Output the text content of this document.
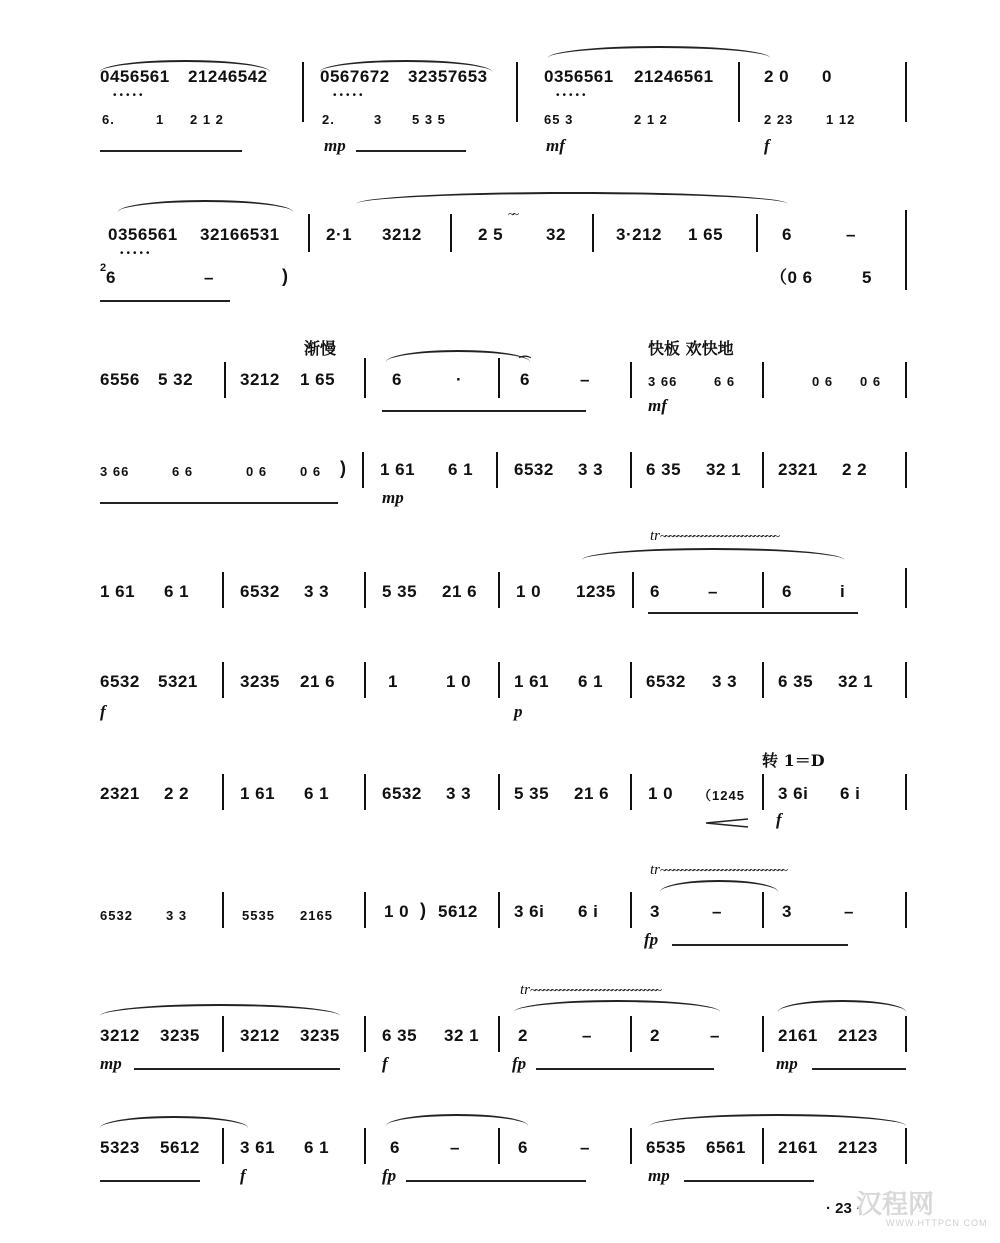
0456561 21246542
•••••
0567672 32357653
•••••
0356561 21246561
•••••
2 0 0
6.	1 2 1 2	2.	3 5 3 5	65 3	2 1 2	2 23	1 12
mp	mf	f
0356561 32166531
•••••
2·1 3212	2 5
~~
32	3·212 1 65	6	–
2
6	–	)	（0 6	5
渐慢	快板 欢快地
6556 5 32	3212 1 65	6	·	6
⌒
–	3 66	6 6	0 6 0 6
mf
3 66	6 6	0 6	0 6 ) 1 61 6 1 6532 3 3	6 35 32 1 2321 2 2
mp
tr~~~~~~~~~~~~~~~~~~~~~~~~~~~~~
1 61 6 1	6532 3 3	5 35 21 6 1 0 1235 6	–	6	i
6532 5321 3235 21 6	1	1 0	1 61 6 1	6532 3 3 6 35 32 1
f	p
转 1＝D
2321 2 2	1 61 6 1	6532 3 3	5 35 21 6 1 0 （1245 3 6i 6 i
f
tr~~~~~~~~~~~~~~~~~~~~~~~~~~~~~~~
6532	3 3	5535 2165	1 0 ) 5612 3 6i 6 i	3	–	3	–
fp
tr~~~~~~~~~~~~~~~~~~~~~~~~~~~~~~~~
3212 3235 3212 3235 6 35 32 1 2	–	2	–	2161 2123
mp	f	fp	mp
5323 5612 3 61 6 1	6	–	6	–	6535 6561 2161 2123
f	fp	mp
· 23 ·
汉程网
WWW.HTTPCN.COM
